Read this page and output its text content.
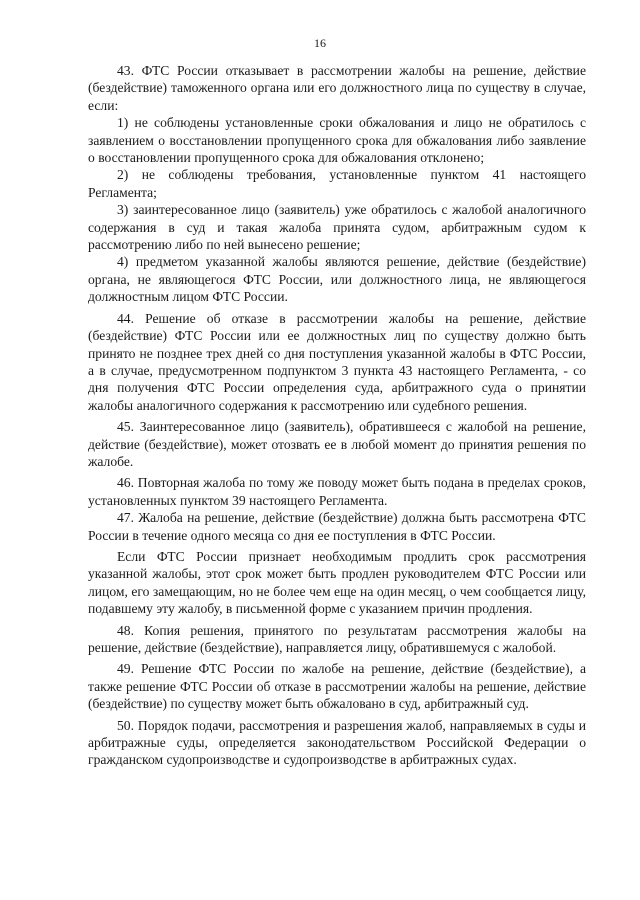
16

43. ФТС России отказывает в рассмотрении жалобы на решение, действие (бездействие) таможенного органа или его должностного лица по существу в случае, если:

1) не соблюдены установленные сроки обжалования и лицо не обратилось с заявлением о восстановлении пропущенного срока для обжалования либо заявление о восстановлении пропущенного срока для обжалования отклонено;

2) не соблюдены требования, установленные пунктом 41 настоящего Регламента;

3) заинтересованное лицо (заявитель) уже обратилось с жалобой аналогичного содержания в суд и такая жалоба принята судом, арбитражным судом к рассмотрению либо по ней вынесено решение;

4) предметом указанной жалобы являются решение, действие (бездействие) органа, не являющегося ФТС России, или должностного лица, не являющегося должностным лицом ФТС России.

44. Решение об отказе в рассмотрении жалобы на решение, действие (бездействие) ФТС России или ее должностных лиц по существу должно быть принято не позднее трех дней со дня поступления указанной жалобы в ФТС России, а в случае, предусмотренном подпунктом 3 пункта 43 настоящего Регламента, - со дня получения ФТС России определения суда, арбитражного суда о принятии жалобы аналогичного содержания к рассмотрению или судебного решения.

45. Заинтересованное лицо (заявитель), обратившееся с жалобой на решение, действие (бездействие), может отозвать ее в любой момент до принятия решения по жалобе.

46. Повторная жалоба по тому же поводу может быть подана в пределах сроков, установленных пунктом 39 настоящего Регламента.

47. Жалоба на решение, действие (бездействие) должна быть рассмотрена ФТС России в течение одного месяца со дня ее поступления в ФТС России.

Если ФТС России признает необходимым продлить срок рассмотрения указанной жалобы, этот срок может быть продлен руководителем ФТС России или лицом, его замещающим, но не более чем еще на один месяц, о чем сообщается лицу, подавшему эту жалобу, в письменной форме с указанием причин продления.

48. Копия решения, принятого по результатам рассмотрения жалобы на решение, действие (бездействие), направляется лицу, обратившемуся с жалобой.

49. Решение ФТС России по жалобе на решение, действие (бездействие), а также решение ФТС России об отказе в рассмотрении жалобы на решение, действие (бездействие) по существу может быть обжаловано в суд, арбитражный суд.

50. Порядок подачи, рассмотрения и разрешения жалоб, направляемых в суды и арбитражные суды, определяется законодательством Российской Федерации о гражданском судопроизводстве и судопроизводстве в арбитражных судах.
